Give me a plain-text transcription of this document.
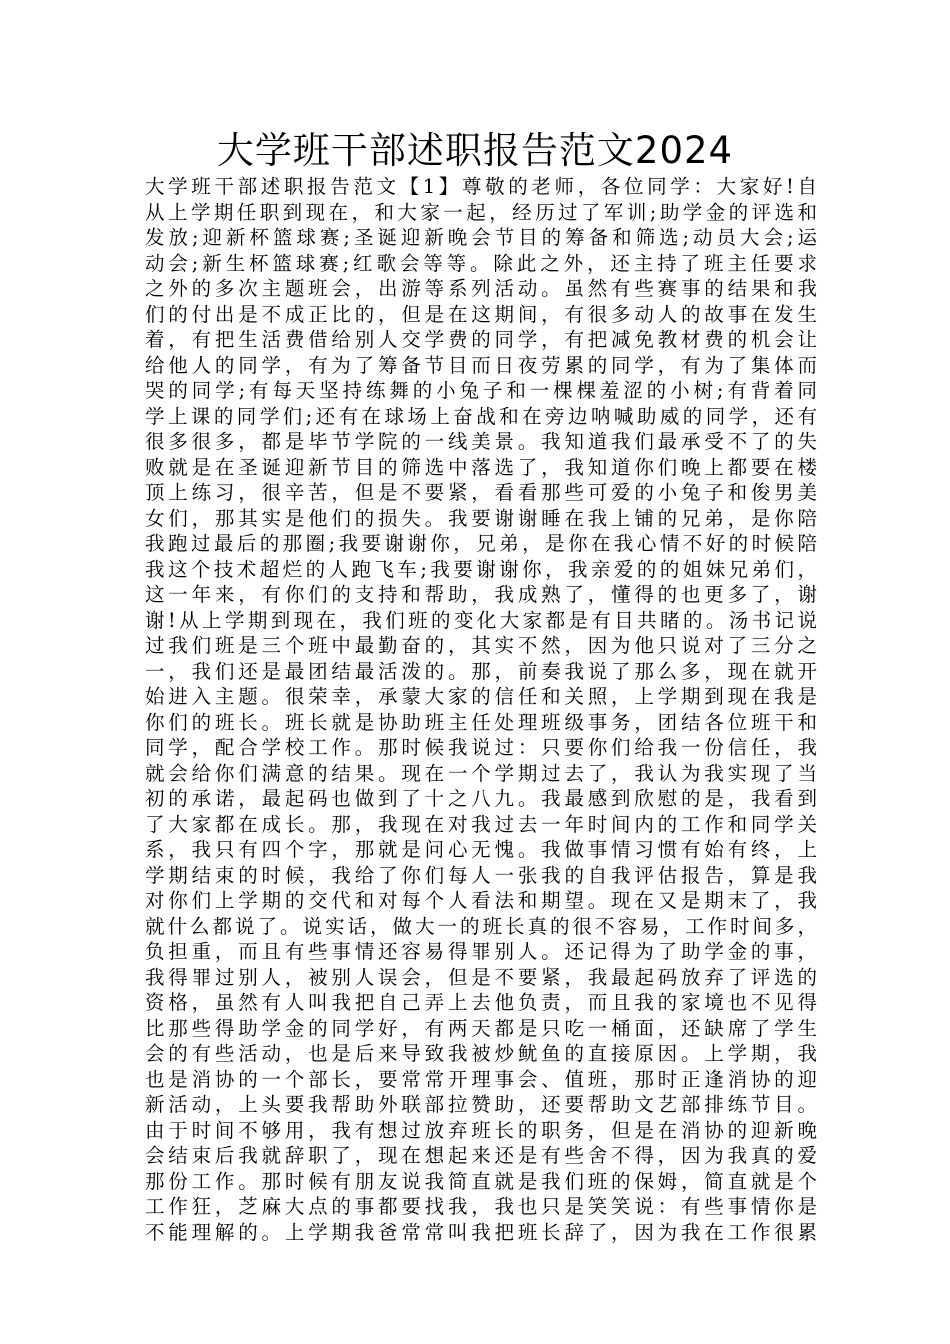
大学班干部述职报告范文2024
大学班干部述职报告范文【1】尊敬的老师，各位同学：大家好!自
从上学期任职到现在，和大家一起，经历过了军训;助学金的评选和
发放;迎新杯篮球赛;圣诞迎新晚会节目的筹备和筛选;动员大会;运
动会;新生杯篮球赛;红歌会等等。除此之外，还主持了班主任要求
之外的多次主题班会，出游等系列活动。虽然有些赛事的结果和我
们的付出是不成正比的，但是在这期间，有很多动人的故事在发生
着，有把生活费借给别人交学费的同学，有把减免教材费的机会让
给他人的同学，有为了筹备节目而日夜劳累的同学，有为了集体而
哭的同学;有每天坚持练舞的小兔子和一棵棵羞涩的小树;有背着同
学上课的同学们;还有在球场上奋战和在旁边呐喊助威的同学，还有
很多很多，都是毕节学院的一线美景。我知道我们最承受不了的失
败就是在圣诞迎新节目的筛选中落选了，我知道你们晚上都要在楼
顶上练习，很辛苦，但是不要紧，看看那些可爱的小兔子和俊男美
女们，那其实是他们的损失。我要谢谢睡在我上铺的兄弟，是你陪
我跑过最后的那圈;我要谢谢你，兄弟，是你在我心情不好的时候陪
我这个技术超烂的人跑飞车;我要谢谢你，我亲爱的的姐妹兄弟们，
这一年来，有你们的支持和帮助，我成熟了，懂得的也更多了，谢
谢!从上学期到现在，我们班的变化大家都是有目共睹的。汤书记说
过我们班是三个班中最勤奋的，其实不然，因为他只说对了三分之
一，我们还是最团结最活泼的。那，前奏我说了那么多，现在就开
始进入主题。很荣幸，承蒙大家的信任和关照，上学期到现在我是
你们的班长。班长就是协助班主任处理班级事务，团结各位班干和
同学，配合学校工作。那时候我说过：只要你们给我一份信任，我
就会给你们满意的结果。现在一个学期过去了，我认为我实现了当
初的承诺，最起码也做到了十之八九。我最感到欣慰的是，我看到
了大家都在成长。那，我现在对我过去一年时间内的工作和同学关
系，我只有四个字，那就是问心无愧。我做事情习惯有始有终，上
学期结束的时候，我给了你们每人一张我的自我评估报告，算是我
对你们上学期的交代和对每个人看法和期望。现在又是期末了，我
就什么都说了。说实话，做大一的班长真的很不容易，工作时间多，
负担重，而且有些事情还容易得罪别人。还记得为了助学金的事，
我得罪过别人，被别人误会，但是不要紧，我最起码放弃了评选的
资格，虽然有人叫我把自己弄上去他负责，而且我的家境也不见得
比那些得助学金的同学好，有两天都是只吃一桶面，还缺席了学生
会的有些活动，也是后来导致我被炒鱿鱼的直接原因。上学期，我
也是消协的一个部长，要常常开理事会、值班，那时正逢消协的迎
新活动，上头要我帮助外联部拉赞助，还要帮助文艺部排练节目。
由于时间不够用，我有想过放弃班长的职务，但是在消协的迎新晚
会结束后我就辞职了，现在想起来还是有些舍不得，因为我真的爱
那份工作。那时候有朋友说我简直就是我们班的保姆，简直就是个
工作狂，芝麻大点的事都要找我，我也只是笑笑说：有些事情你是
不能理解的。上学期我爸常常叫我把班长辞了，因为我在工作很累
